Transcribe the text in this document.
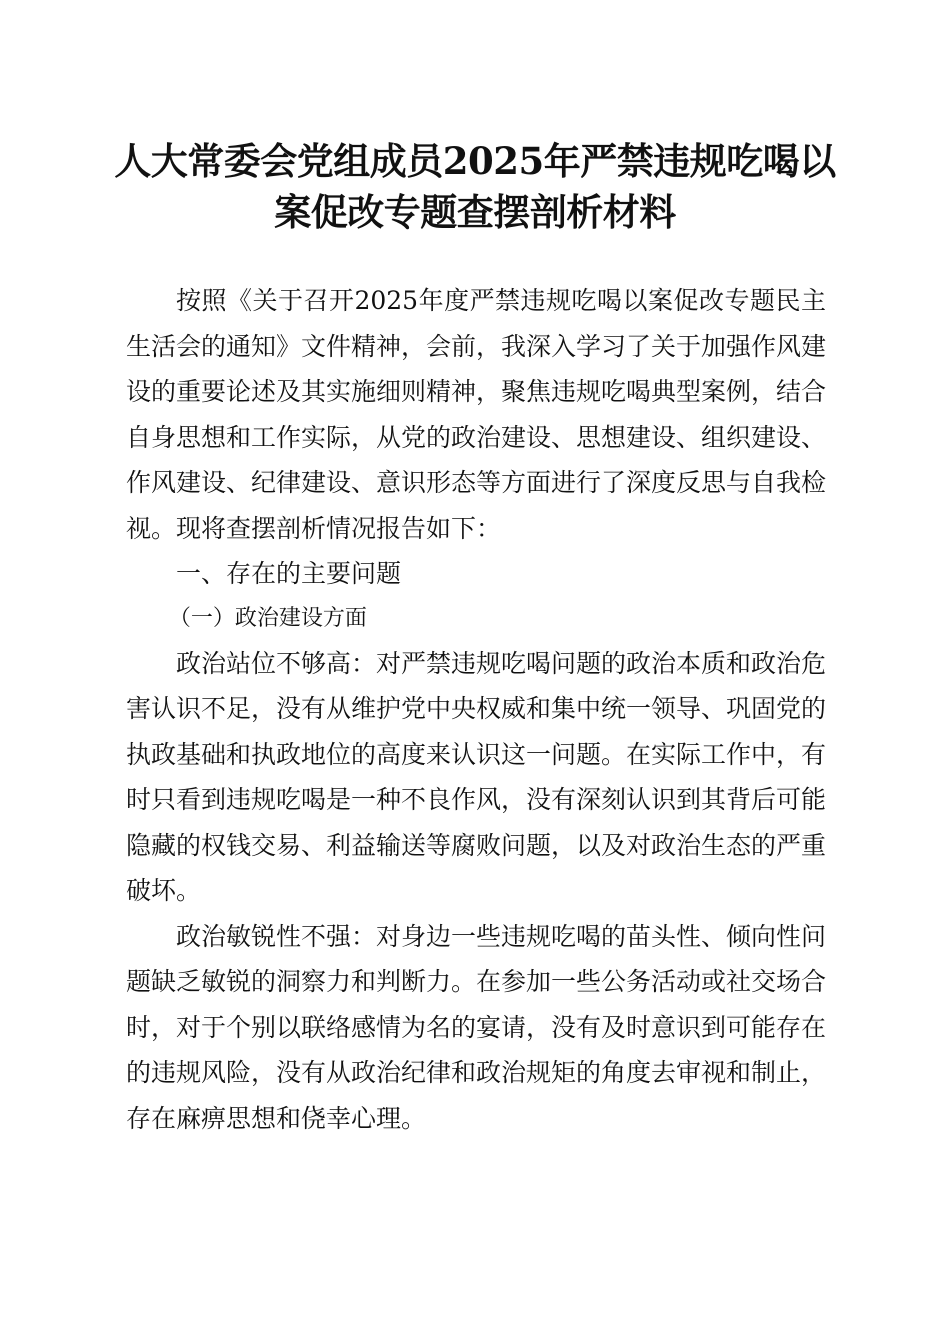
人大常委会党组成员2025年严禁违规吃喝以
案促改专题查摆剖析材料

按照《关于召开2025年度严禁违规吃喝以案促改专题民主生活会的通知》文件精神，会前，我深入学习了关于加强作风建设的重要论述及其实施细则精神，聚焦违规吃喝典型案例，结合自身思想和工作实际，从党的政治建设、思想建设、组织建设、作风建设、纪律建设、意识形态等方面进行了深度反思与自我检视。现将查摆剖析情况报告如下：

一、存在的主要问题

（一）政治建设方面

政治站位不够高：对严禁违规吃喝问题的政治本质和政治危害认识不足，没有从维护党中央权威和集中统一领导、巩固党的执政基础和执政地位的高度来认识这一问题。在实际工作中，有时只看到违规吃喝是一种不良作风，没有深刻认识到其背后可能隐藏的权钱交易、利益输送等腐败问题，以及对政治生态的严重破坏。

政治敏锐性不强：对身边一些违规吃喝的苗头性、倾向性问题缺乏敏锐的洞察力和判断力。在参加一些公务活动或社交场合时，对于个别以联络感情为名的宴请，没有及时意识到可能存在的违规风险，没有从政治纪律和政治规矩的角度去审视和制止，存在麻痹思想和侥幸心理。
